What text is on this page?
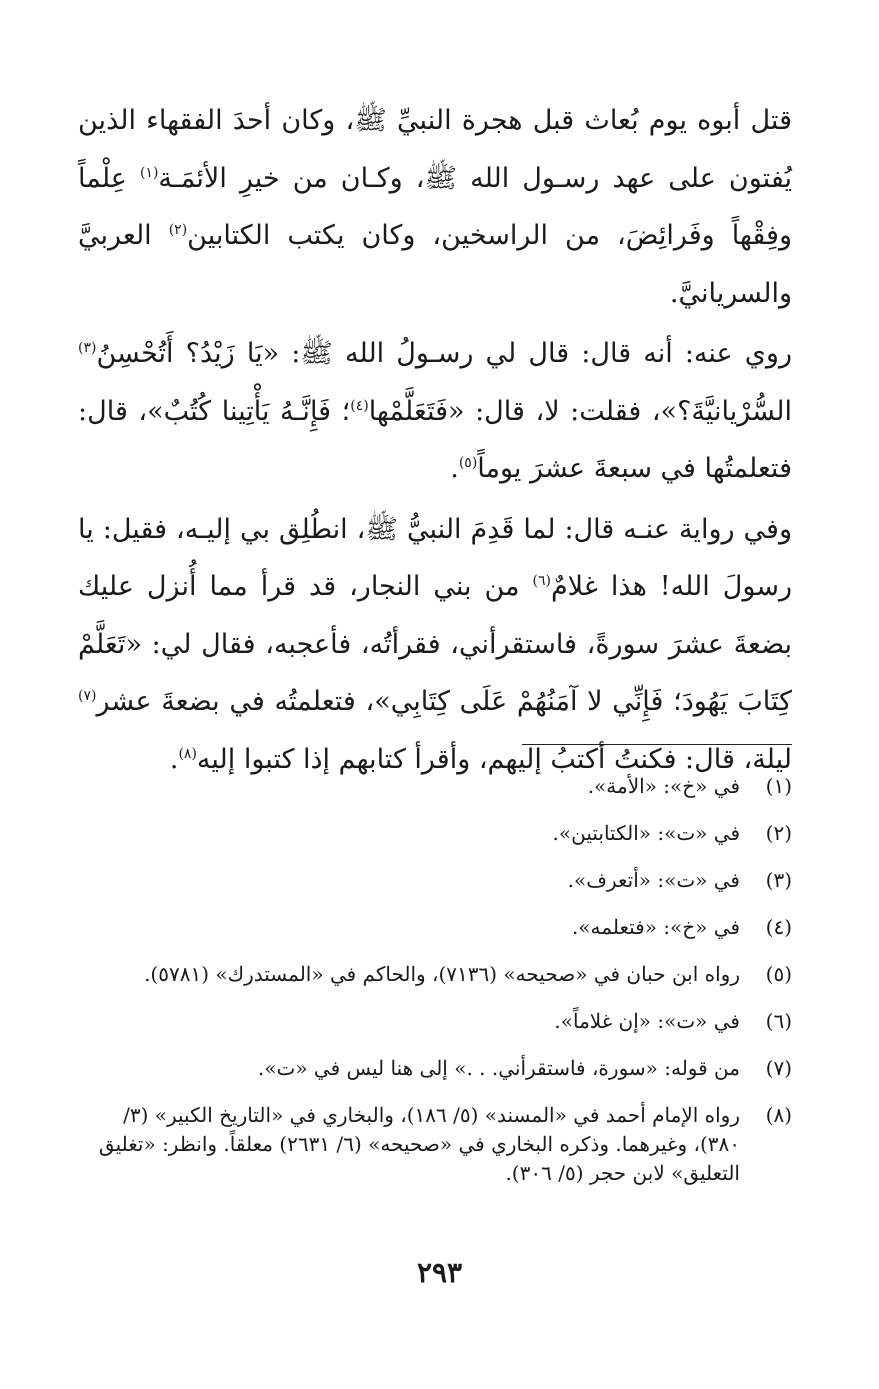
قتل أبوه يوم بُعاث قبل هجرة النبيِّ ﷺ، وكان أحدَ الفقهاء الذين يُفتون على عهد رسـول الله ﷺ، وكـان من خيرِ الأئمَـة$^{(١)}$ عِلْماً وفِقْهاً وفَرائِضَ، من الراسخين، وكان يكتب الكتابين$^{(٢)}$ العربيَّ والسريانيَّ.

روي عنه: أنه قال: قال لي رسـولُ الله ﷺ: «يَا زَيْدُ؟ أَتُحْسِنُ$^{(٣)}$ السُّرْيانيَّةَ؟»، فقلت: لا، قال: «فَتَعَلَّمْها$^{(٤)}$؛ فَإِنَّـهُ يَأْتِينا كُتُبٌ»، قال: فتعلمتُها في سبعةَ عشرَ يوماً$^{(٥)}$.

وفي رواية عنـه قال: لما قَدِمَ النبيُّ ﷺ، انطُلِق بي إليـه، فقيل: يا رسولَ الله! هذا غلامٌ$^{(٦)}$ من بني النجار، قد قرأ مما أُنزل عليك بضعةَ عشرَ سورةً، فاستقرأني، فقرأتُه، فأعجبه، فقال لي: «تَعَلَّمْ كِتَابَ يَهُودَ؛ فَإِنِّي لا آمَنُهُمْ عَلَى كِتَابِي»، فتعلمتُه في بضعةَ عشر$^{(٧)}$ ليلة، قال: فكنتُ أكتبُ إليهم، وأقرأ كتابهم إذا كتبوا إليه$^{(٨)}$.

(١)
في «خ»: «الأمة».
(٢)
في «ت»: «الكتابتين».
(٣)
في «ت»: «أتعرف».
(٤)
في «خ»: «فتعلمه».
(٥)
رواه ابن حبان في «صحيحه» (٧١٣٦)، والحاكم في «المستدرك» (٥٧٨١).
(٦)
في «ت»: «إن غلاماً».
(٧)
من قوله: «سورة، فاستقرأني. . .» إلى هنا ليس في «ت».
(٨)
رواه الإمام أحمد في «المسند» (٥/ ١٨٦)، والبخاري في «التاريخ الكبير» (٣/ ٣٨٠)، وغيرهما. وذكره البخاري في «صحيحه» (٦/ ٢٦٣١) معلقاً. وانظر: «تغليق التعليق» لابن حجر (٥/ ٣٠٦).
٢٩٣
